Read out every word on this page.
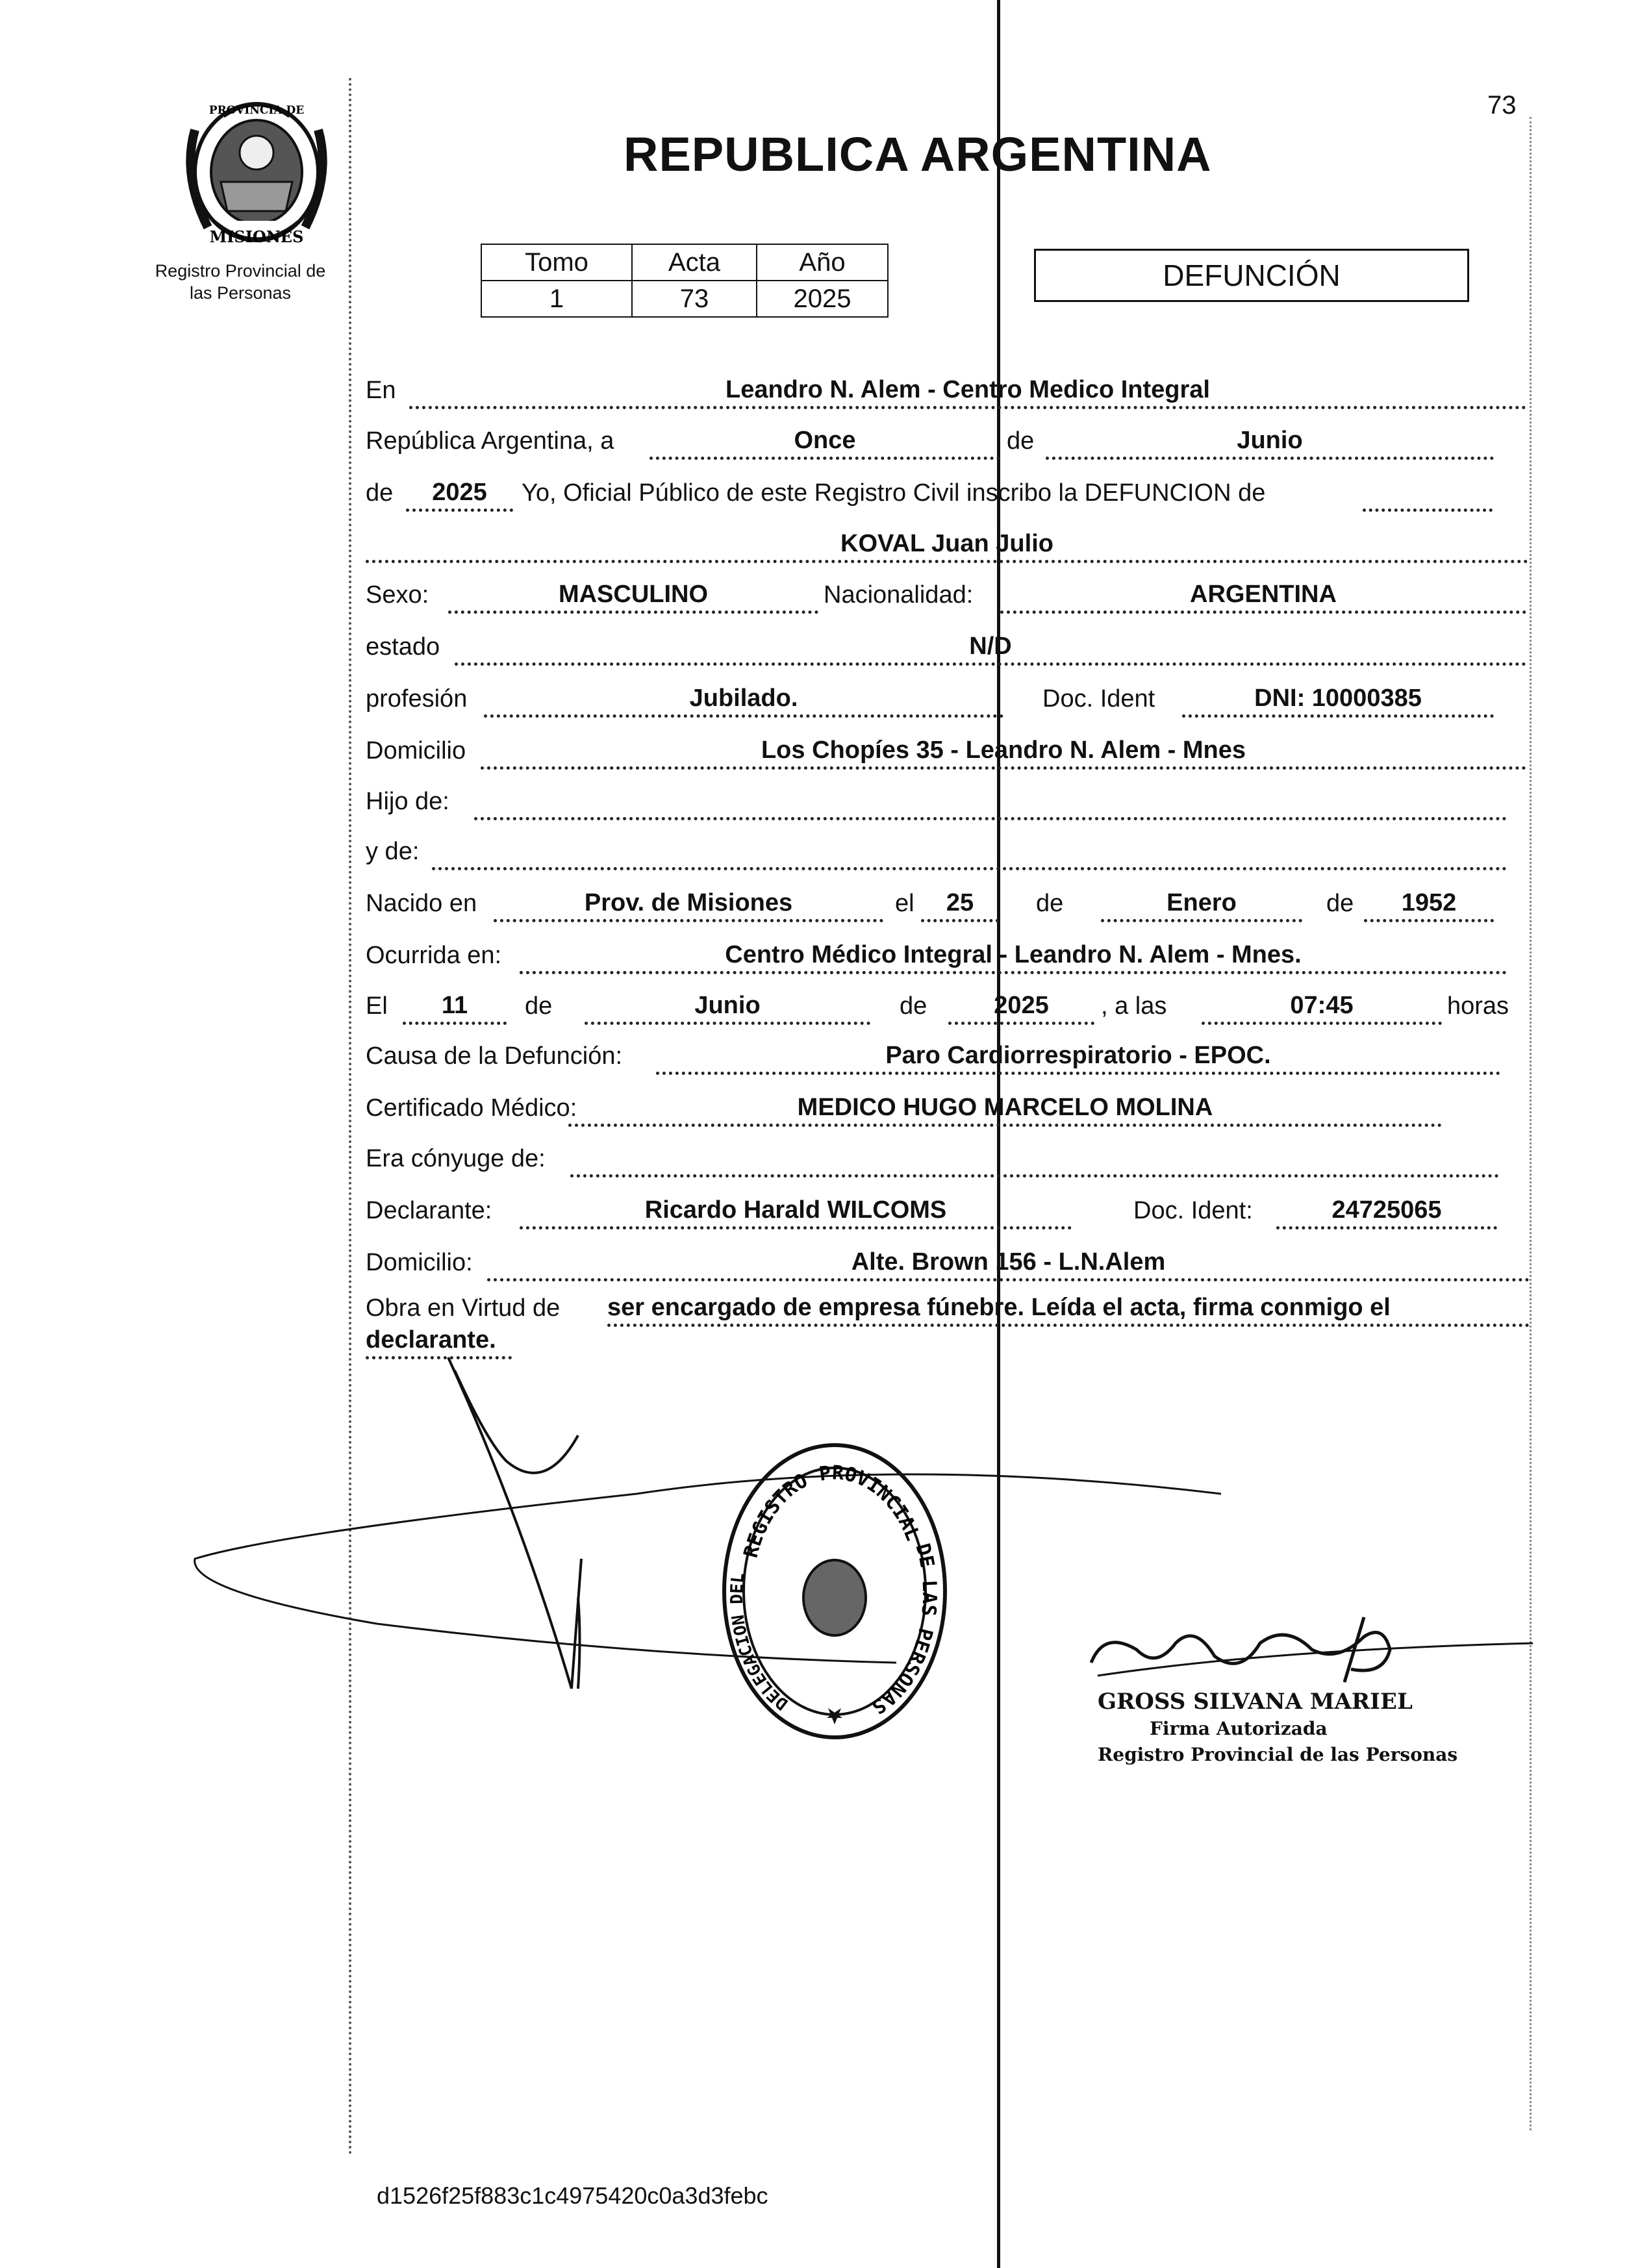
MISIONES
PROVINCIA DE
Registro Provincial de
las Personas
73
REPUBLICA ARGENTINA
Tomo	Acta	Año
1	73	2025
DEFUNCIÓN
En	Leandro N. Alem - Centro Medico Integral
República Argentina, a	Once	de	Junio
de	2025	Yo, Oficial Público de este Registro Civil inscribo la DEFUNCION de
KOVAL Juan Julio
Sexo:	MASCULINO	Nacionalidad:	ARGENTINA
estado	N/D
profesión	Jubilado.	Doc. Ident	DNI: 10000385
Domicilio	Los Chopíes 35 - Leandro N. Alem - Mnes
Hijo de:
y de:
Nacido en	Prov. de Misiones	el	25	de	Enero	de	1952
Ocurrida en:	Centro Médico Integral - Leandro N. Alem - Mnes.
El	11	de	Junio	de	2025	, a las	07:45	horas
Causa de la Defunción:	Paro Cardiorrespiratorio - EPOC.
Certificado Médico:	MEDICO HUGO MARCELO MOLINA
Era cónyuge de:
Declarante:	Ricardo Harald WILCOMS	Doc. Ident:	24725065
Domicilio:	Alte. Brown 156 - L.N.Alem
Obra en Virtud de ser encargado de empresa fúnebre. Leída el acta, firma conmigo el
declarante.
REGISTRO PROVINCIAL
DE LAS PERSONAS
DELEGACION DEL
GROSS SILVANA MARIEL
Firma Autorizada
Registro Provincial de las Personas
d1526f25f883c1c4975420c0a3d3febc
